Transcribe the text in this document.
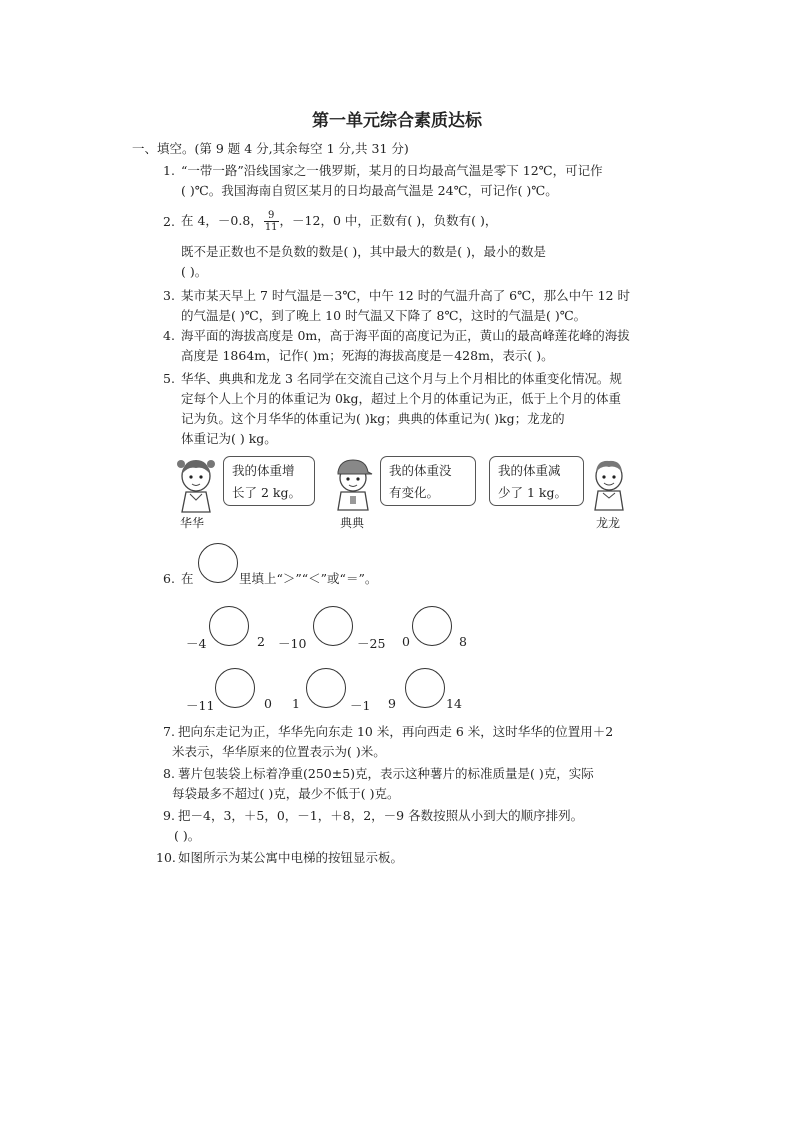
第一单元综合素质达标
一、填空。(第 9 题 4 分,其余每空 1 分,共 31 分)
1. “一带一路”沿线国家之一俄罗斯，某月的日均最高气温是零下 12℃，可记作
( )℃。我国海南自贸区某月的日均最高气温是 24℃，可记作( )℃。
2. 在 4，－0.8， $\frac{9}{11}$ ，－12，0 中，正数有( )，负数有( )，
既不是正数也不是负数的数是( )，其中最大的数是( )，最小的数是
( )。
3. 某市某天早上 7 时气温是－3℃，中午 12 时的气温升高了 6℃，那么中午 12 时
的气温是( )℃，到了晚上 10 时气温又下降了 8℃，这时的气温是( )℃。
4. 海平面的海拔高度是 0m，高于海平面的高度记为正，黄山的最高峰莲花峰的海拔
高度是 1864m，记作( )m；死海的海拔高度是－428m，表示( )。
5. 华华、典典和龙龙 3 名同学在交流自己这个月与上个月相比的体重变化情况。规
定每个人上个月的体重记为 0kg，超过上个月的体重记为正，低于上个月的体重
记为负。这个月华华的体重记为( )kg；典典的体重记为( )kg；龙龙的
体重记为( ) kg。
我的体重增
长了 2 kg。
华华
我的体重没
有变化。
典典
我的体重减
少了 1 kg。
龙龙
6. 在	里填上“＞”“＜”或“＝”。
－4	2 －10	－25 0	8
－11	0 1	－1 9	14
7. 把向东走记为正，华华先向东走 10 米，再向西走 6 米，这时华华的位置用＋2
米表示，华华原来的位置表示为( )米。
8. 薯片包装袋上标着净重(250±5)克，表示这种薯片的标准质量是( )克，实际
每袋最多不超过( )克，最少不低于( )克。
9. 把－4，3，＋5，0，－1，＋8，2，－9 各数按照从小到大的顺序排列。
( )。
10. 如图所示为某公寓中电梯的按钮显示板。
